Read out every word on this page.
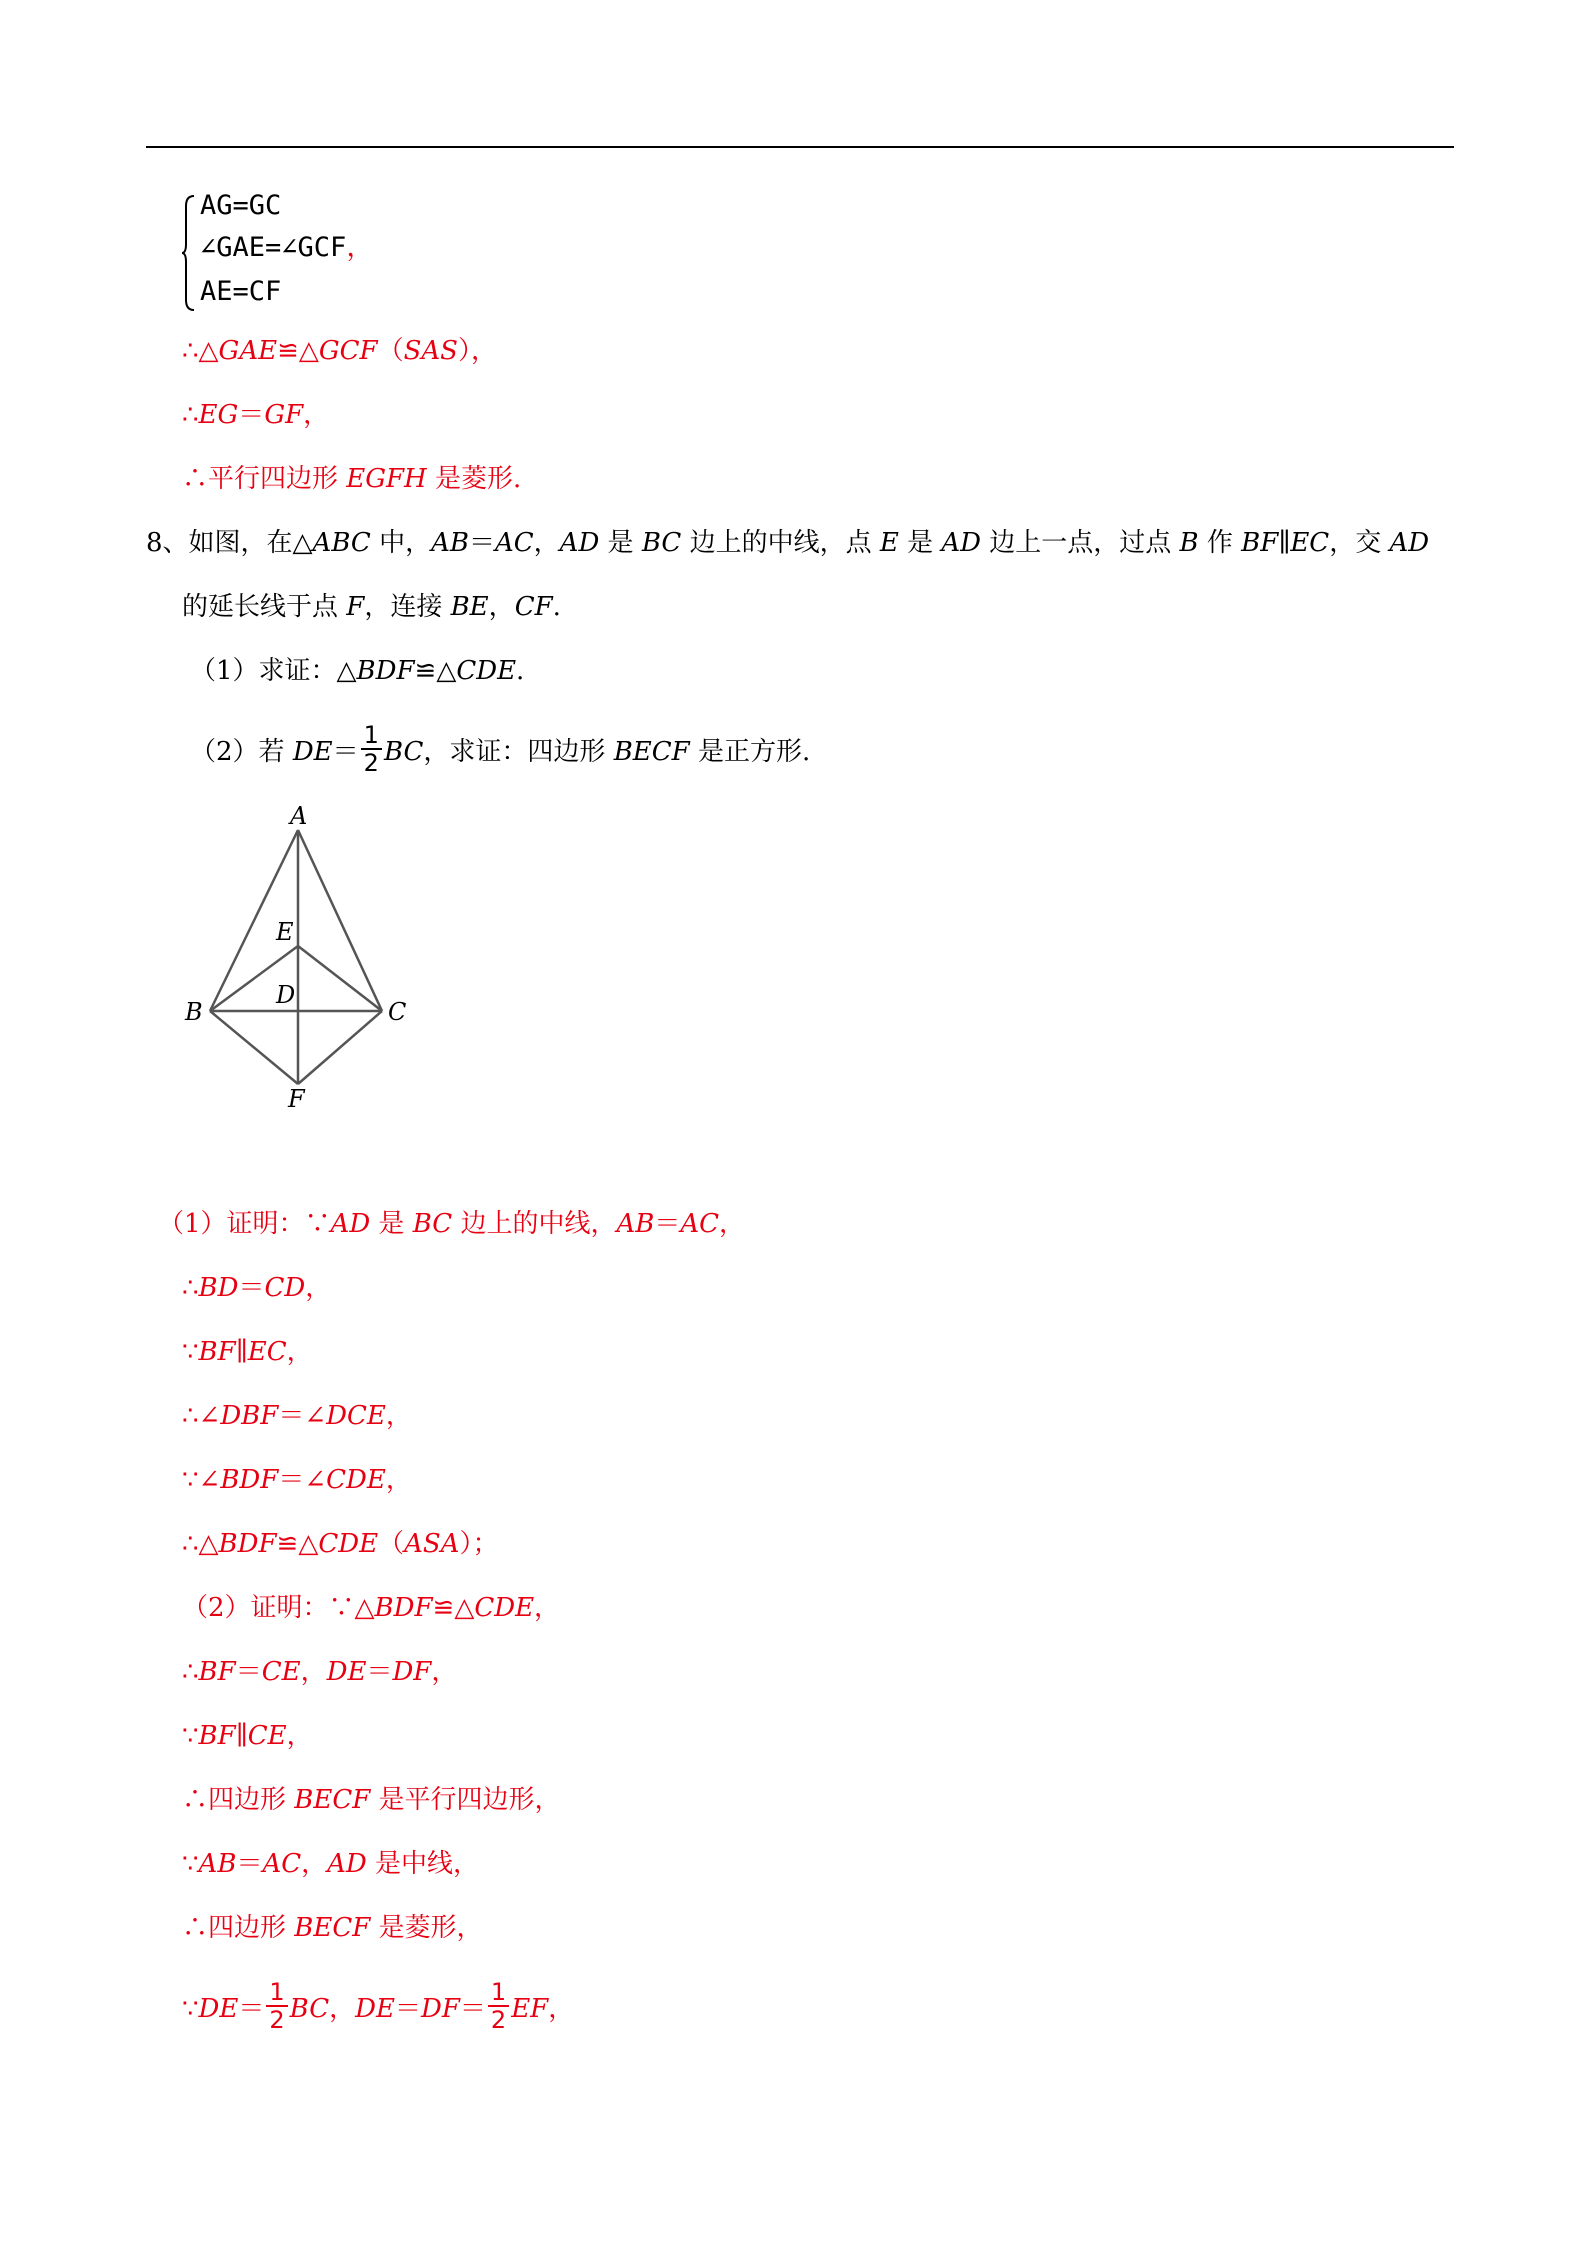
AG=GC
∠GAE=∠GCF，
AE=CF
∴△GAE≌△GCF（SAS），
∴EG＝GF，
∴平行四边形 EGFH 是菱形.
8、如图，在△ABC 中，AB＝AC，AD 是 BC 边上的中线，点 E 是 AD 边上一点，过点 B 作 BF∥EC，交 AD
的延长线于点 F，连接 BE，CF.
（1）求证：△BDF≌△CDE.
（2）若 $DE= \frac{1}{2}$ BC，求证：四边形 BECF 是正方形.
A
E
D
B	C
F
（1）证明：∵AD 是 BC 边上的中线，AB＝AC，
∴BD＝CD，
∵BF∥EC，
∴∠DBF＝∠DCE，
∵∠BDF＝∠CDE，
∴△BDF≌△CDE（ASA）；
（2）证明：∵△BDF≌△CDE，
∴BF＝CE，DE＝DF，
∵BF∥CE，
∴四边形 BECF 是平行四边形，
∵AB＝AC，AD 是中线，
∴四边形 BECF 是菱形，
∵DE＝ $\frac{1}{2}$ BC，$DE=DF= \frac{1}{2}$ EF，
